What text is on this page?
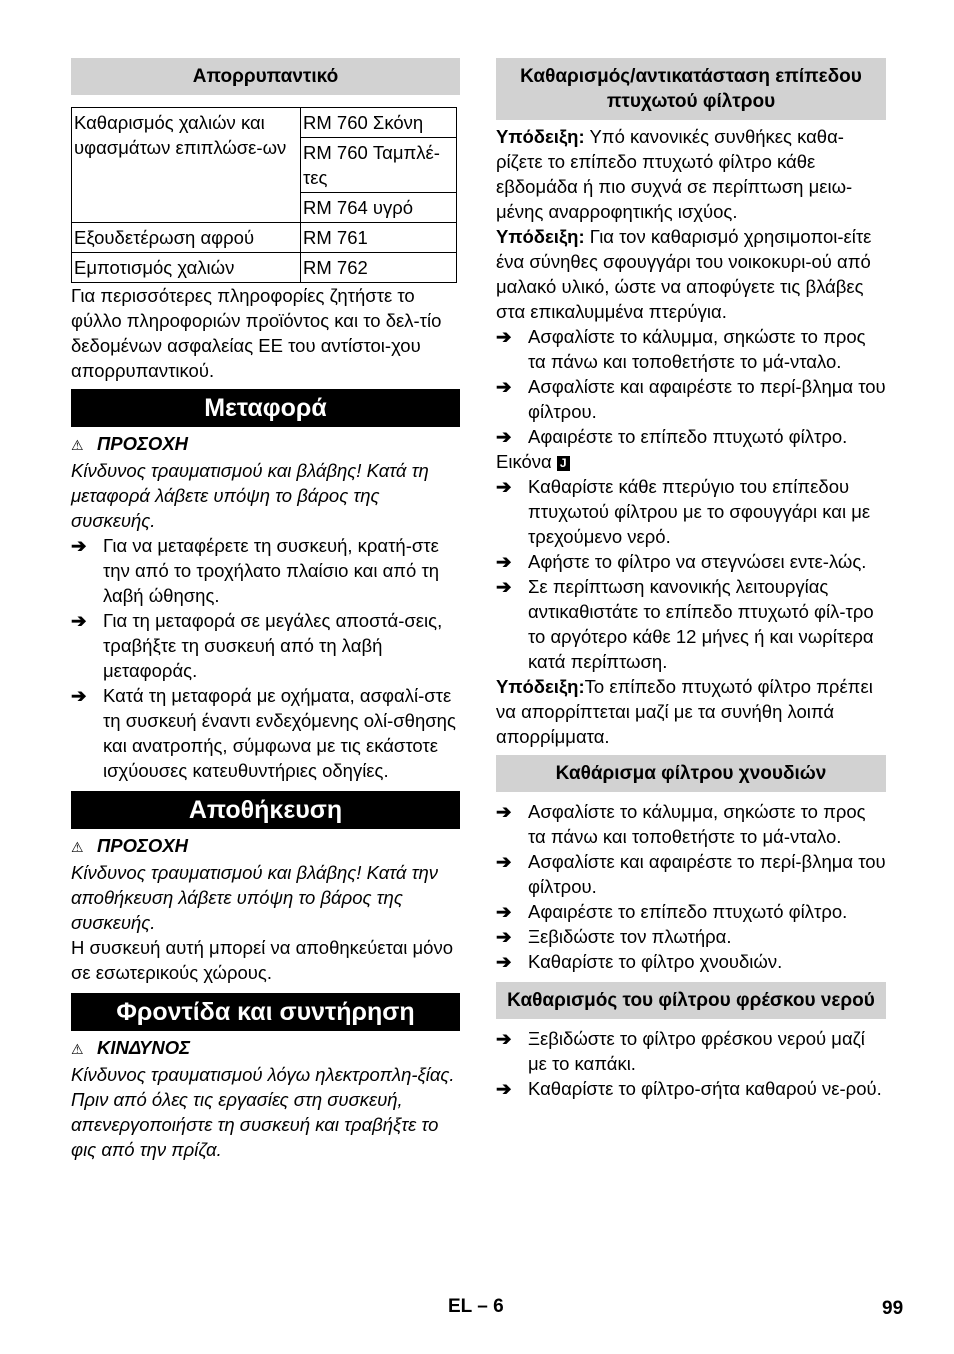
Απορρυπαντικό
Καθαρισμός χαλιών και υφασμάτων επιπλώσε-ων	RM 760 Σκόνη
	RM 760 Ταμπλέ-τες
	RM 764 υγρό
Εξουδετέρωση αφρού	RM 761
Εμποτισμός χαλιών	RM 762

Για περισσότερες πληροφορίες ζητήστε το φύλλο πληροφοριών προϊόντος και το δελ-τίο δεδομένων ασφαλείας ΕΕ του αντίστοι-χου απορρυπαντικού.

Μεταφορά
⚠ ΠΡΟΣΟΧΗ

Κίνδυνος τραυματισμού και βλάβης! Κατά τη μεταφορά λάβετε υπόψη το βάρος της συσκευής.

➔ Για να μεταφέρετε τη συσκευή, κρατή-στε την από το τροχήλατο πλαίσιο και από τη λαβή ώθησης.
➔ Για τη μεταφορά σε μεγάλες αποστά-σεις, τραβήξτε τη συσκευή από τη λαβή μεταφοράς.
➔ Κατά τη μεταφορά με οχήματα, ασφαλί-στε τη συσκευή έναντι ενδεχόμενης ολί-σθησης και ανατροπής, σύμφωνα με τις εκάστοτε ισχύουσες κατευθυντήριες οδηγίες.
Αποθήκευση
⚠ ΠΡΟΣΟΧΗ

Κίνδυνος τραυματισμού και βλάβης! Κατά την αποθήκευση λάβετε υπόψη το βάρος της συσκευής.

Η συσκευή αυτή μπορεί να αποθηκεύεται μόνο σε εσωτερικούς χώρους.

Φροντίδα και συντήρηση
⚠ ΚΙΝΔΥΝΟΣ

Κίνδυνος τραυματισμού λόγω ηλεκτροπλη-ξίας.

Πριν από όλες τις εργασίες στη συσκευή, απενεργοποιήστε τη συσκευή και τραβήξτε το φις από την πρίζα.

Καθαρισμός/αντικατάσταση επίπεδου πτυχωτού φίλτρου

Υπόδειξη: Υπό κανονικές συνθήκες καθα-ρίζετε το επίπεδο πτυχωτό φίλτρο κάθε εβδομάδα ή πιο συχνά σε περίπτωση μειω-μένης αναρροφητικής ισχύος.

Υπόδειξη: Για τον καθαρισμό χρησιμοποι-είτε ένα σύνηθες σφουγγάρι του νοικοκυρι-ού από μαλακό υλικό, ώστε να αποφύγετε τις βλάβες στα επικαλυμμένα πτερύγια.

➔ Ασφαλίστε το κάλυμμα, σηκώστε το προς τα πάνω και τοποθετήστε το μά-νταλο.
➔ Ασφαλίστε και αφαιρέστε το περί-βλημα του φίλτρου.
➔ Αφαιρέστε το επίπεδο πτυχωτό φίλτρο.

Εικόνα J

➔ Καθαρίστε κάθε πτερύγιο του επίπεδου πτυχωτού φίλτρου με το σφουγγάρι και με τρεχούμενο νερό.
➔ Αφήστε το φίλτρο να στεγνώσει εντε-λώς.
➔ Σε περίπτωση κανονικής λειτουργίας αντικαθιστάτε το επίπεδο πτυχωτό φίλ-τρο το αργότερο κάθε 12 μήνες ή και νωρίτερα κατά περίπτωση.

Υπόδειξη:Το επίπεδο πτυχωτό φίλτρο πρέπει να απορρίπτεται μαζί με τα συνήθη λοιπά απορρίμματα.

Καθάρισμα φίλτρου χνουδιών
➔ Ασφαλίστε το κάλυμμα, σηκώστε το προς τα πάνω και τοποθετήστε το μά-νταλο.
➔ Ασφαλίστε και αφαιρέστε το περί-βλημα του φίλτρου.
➔ Αφαιρέστε το επίπεδο πτυχωτό φίλτρο.
➔ Ξεβιδώστε τον πλωτήρα.
➔ Καθαρίστε το φίλτρο χνουδιών.
Καθαρισμός του φίλτρου φρέσκου νερού
➔ Ξεβιδώστε το φίλτρο φρέσκου νερού μαζί με το καπάκι.
➔ Καθαρίστε το φίλτρο-σήτα καθαρού νε-ρού.
EL – 6	99
